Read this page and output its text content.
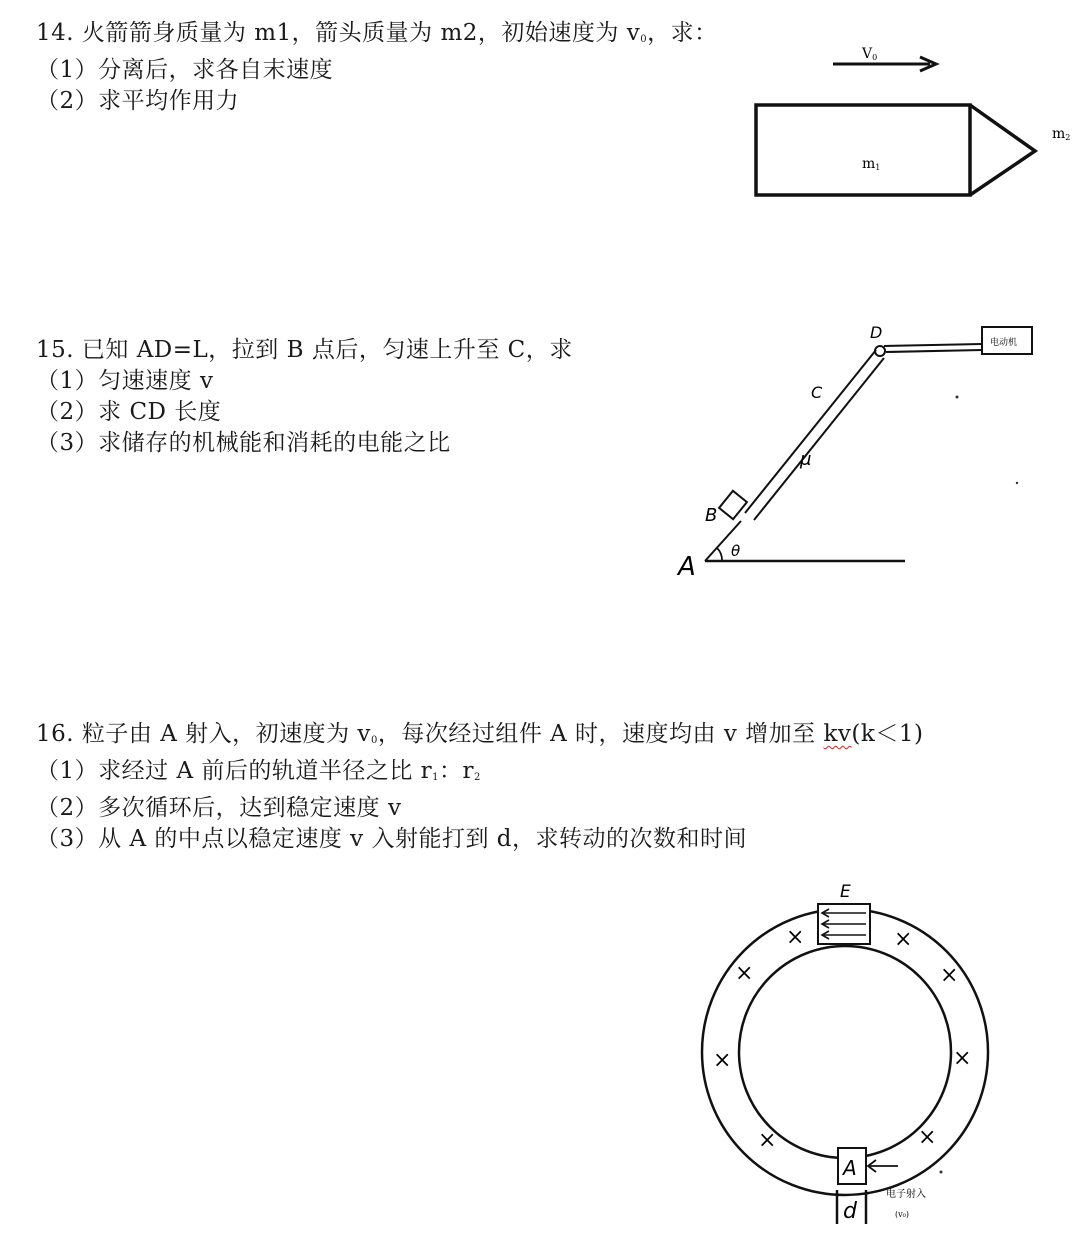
14. 火箭箭身质量为 m1，箭头质量为 m2，初始速度为 $v_0$，求：
（1）分离后，求各自末速度
（2）求平均作用力
V0
m1
m2
15. 已知 AD=L，拉到 B 点后，匀速上升至 C，求
（1）匀速速度 v
（2）求 CD 长度
（3）求储存的机械能和消耗的电能之比
电动机
A
B
C
D
θ
μ
16. 粒子由 A 射入，初速度为 $v_0$，每次经过组件 A 时，速度均由 v 增加至 kv(k＜1)
（1）求经过 A 前后的轨道半径之比 $r_1$：$r_2$
（2）多次循环后，达到稳定速度 v
（3）从 A 的中点以稳定速度 v 入射能打到 d，求转动的次数和时间
E
A
d
电子射入
(v₀)
×	×
×	×
×	×
×	×
